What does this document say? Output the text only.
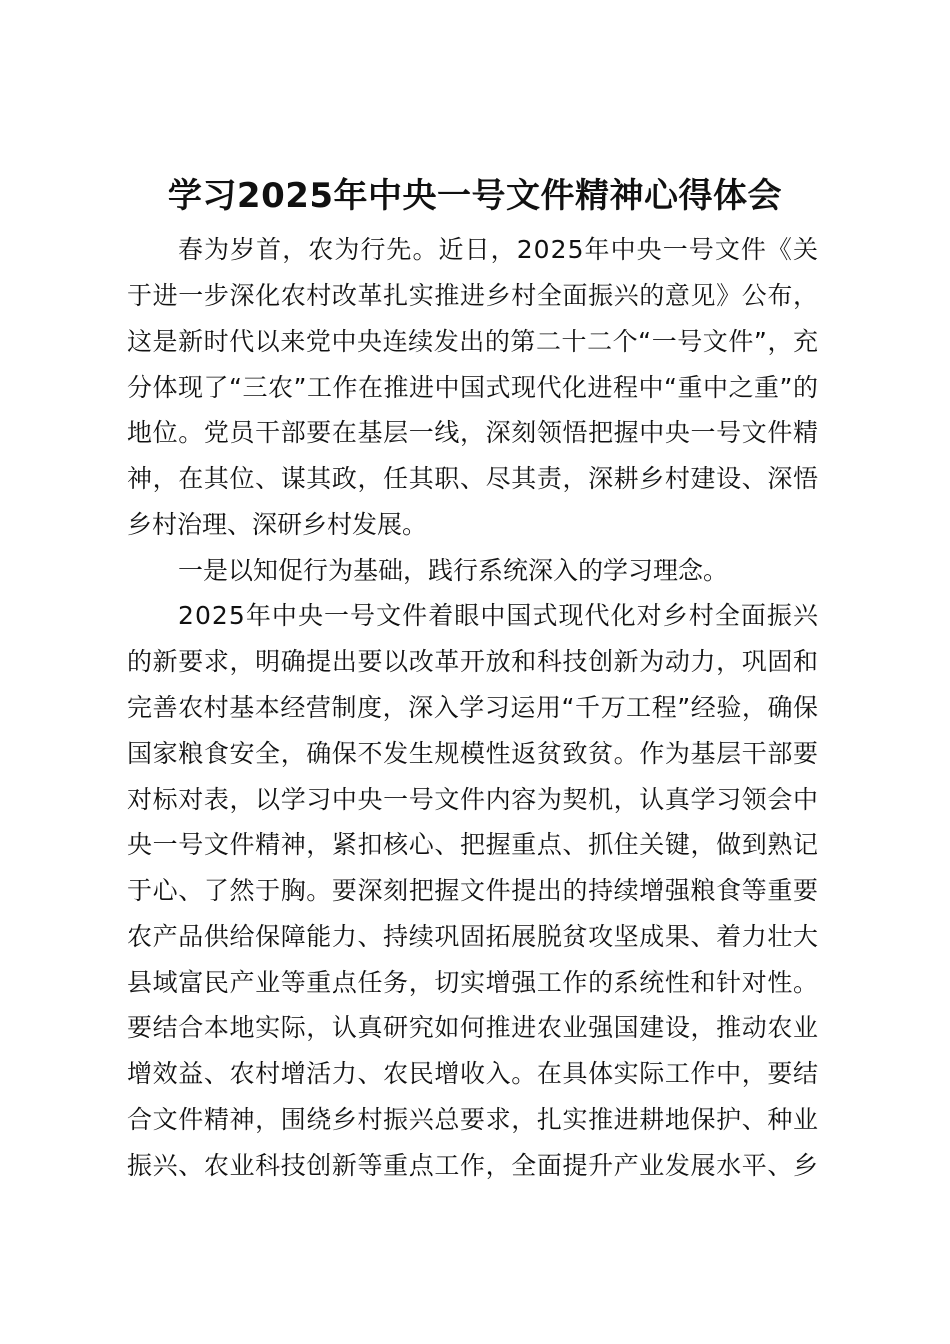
学习2025年中央一号文件精神心得体会

春为岁首，农为行先。近日，2025年中央一号文件《关

于进一步深化农村改革扎实推进乡村全面振兴的意见》公布，

这是新时代以来党中央连续发出的第二十二个“一号文件”，充

分体现了“三农”工作在推进中国式现代化进程中“重中之重”的

地位。党员干部要在基层一线，深刻领悟把握中央一号文件精

神，在其位、谋其政，任其职、尽其责，深耕乡村建设、深悟

乡村治理、深研乡村发展。

一是以知促行为基础，践行系统深入的学习理念。

2025年中央一号文件着眼中国式现代化对乡村全面振兴

的新要求，明确提出要以改革开放和科技创新为动力，巩固和

完善农村基本经营制度，深入学习运用“千万工程”经验，确保

国家粮食安全，确保不发生规模性返贫致贫。作为基层干部要

对标对表，以学习中央一号文件内容为契机，认真学习领会中

央一号文件精神，紧扣核心、把握重点、抓住关键，做到熟记

于心、了然于胸。要深刻把握文件提出的持续增强粮食等重要

农产品供给保障能力、持续巩固拓展脱贫攻坚成果、着力壮大

县域富民产业等重点任务，切实增强工作的系统性和针对性。

要结合本地实际，认真研究如何推进农业强国建设，推动农业

增效益、农村增活力、农民增收入。在具体实际工作中，要结

合文件精神，围绕乡村振兴总要求，扎实推进耕地保护、种业

振兴、农业科技创新等重点工作，全面提升产业发展水平、乡
